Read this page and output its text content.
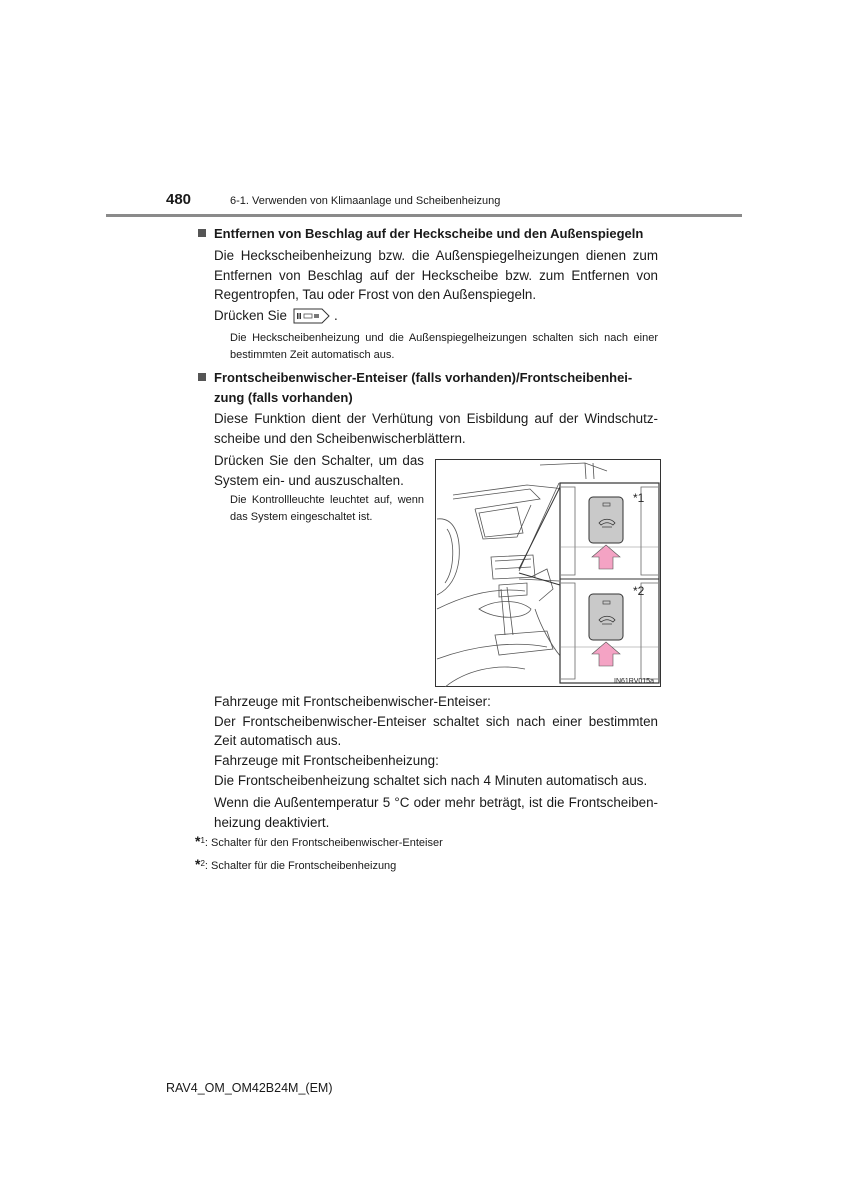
480	6-1. Verwenden von Klimaanlage und Scheibenheizung
Entfernen von Beschlag auf der Heckscheibe und den Außenspiegeln
Die Heckscheibenheizung bzw. die Außenspiegelheizungen dienen zum Entfernen von Beschlag auf der Heckscheibe bzw. zum Entfernen von Regentropfen, Tau oder Frost von den Außenspiegeln.
Drücken Sie	.
Die Heckscheibenheizung und die Außenspiegelheizungen schalten sich nach einer bestimmten Zeit automatisch aus.
Frontscheibenwischer-Enteiser (falls vorhanden)/Frontscheibenhei-
zung (falls vorhanden)
Diese Funktion dient der Verhütung von Eisbildung auf der Windschutz-scheibe und den Scheibenwischerblättern.
Drücken Sie den Schalter, um das System ein- und auszuschalten.
Die Kontrollleuchte leuchtet auf, wenn das System eingeschaltet ist.
*1
*2
IN61RV015a
Fahrzeuge mit Frontscheibenwischer-Enteiser:
Der Frontscheibenwischer-Enteiser schaltet sich nach einer bestimmten Zeit automatisch aus.
Fahrzeuge mit Frontscheibenheizung:
Die Frontscheibenheizung schaltet sich nach 4 Minuten automatisch aus.
Wenn die Außentemperatur 5 °C oder mehr beträgt, ist die Frontscheiben-heizung deaktiviert.
*$^1$: Schalter für den Frontscheibenwischer-Enteiser
*$^2$: Schalter für die Frontscheibenheizung
RAV4_OM_OM42B24M_(EM)
